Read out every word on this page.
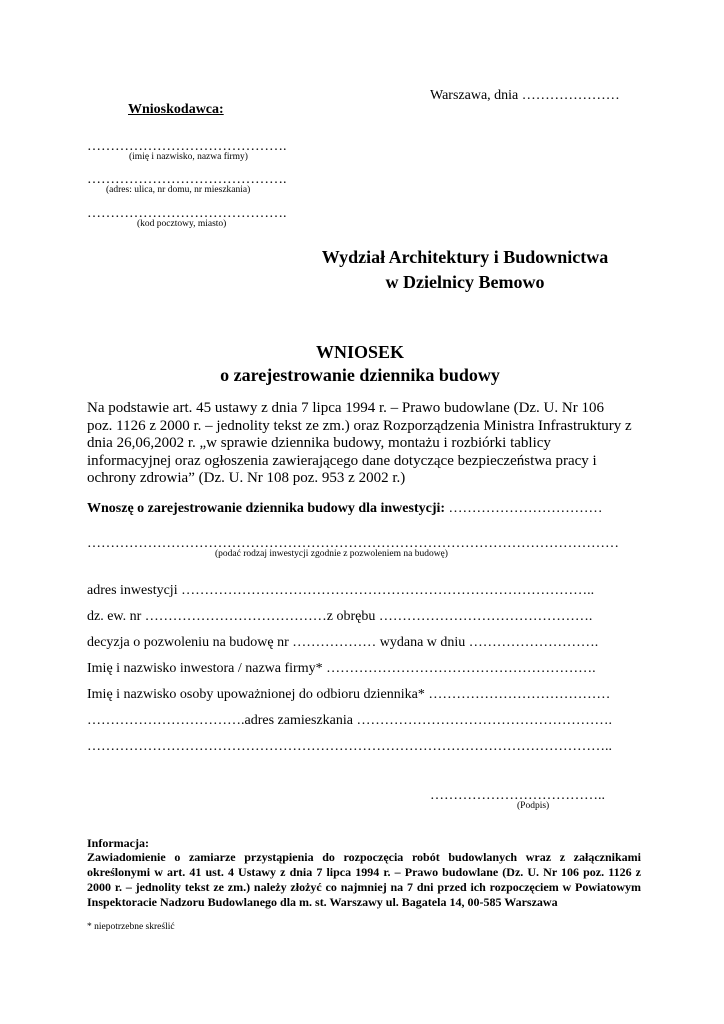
Warszawa, dnia …………………
Wnioskodawca:
…………………………………….
(imię i nazwisko, nazwa firmy)
…………………………………….
(adres: ulica, nr domu, nr mieszkania)
…………………………………….
(kod pocztowy, miasto)
Wydział Architektury i Budownictwa
w Dzielnicy Bemowo
WNIOSEK
o zarejestrowanie dziennika budowy
Na podstawie art. 45 ustawy z dnia 7 lipca 1994 r. – Prawo budowlane (Dz. U. Nr 106 poz. 1126 z 2000 r. – jednolity tekst ze zm.) oraz Rozporządzenia Ministra Infrastruktury z dnia 26,06,2002 r. „w sprawie dziennika budowy, montażu i rozbiórki tablicy informacyjnej oraz ogłoszenia zawierającego dane dotyczące bezpieczeństwa pracy i ochrony zdrowia” (Dz. U. Nr 108 poz. 953 z 2002 r.)
Wnoszę o zarejestrowanie dziennika budowy dla inwestycji: ……………………………
……………………………………………………………………………………………………
(podać rodzaj inwestycji zgodnie z pozwoleniem na budowę)
adres inwestycji ……………………………………………………………………………..
dz. ew. nr …………………………………z obrębu ……………………………………….
decyzja o pozwoleniu na budowę nr ……………… wydana w dniu ……………………….
Imię i nazwisko inwestora / nazwa firmy* ………………………………………………….
Imię i nazwisko osoby upoważnionej do odbioru dziennika* …………………………………
…………………………….adres zamieszkania ……………………………………………….
…………………………………………………………………………………………………..
………………………………..
(Podpis)
Informacja:
Zawiadomienie o zamiarze przystąpienia do rozpoczęcia robót budowlanych wraz z załącznikami określonymi w art. 41 ust. 4 Ustawy z dnia 7 lipca 1994 r. – Prawo budowlane (Dz. U. Nr 106 poz. 1126 z 2000 r. – jednolity tekst ze zm.) należy złożyć co najmniej na 7 dni przed ich rozpoczęciem w Powiatowym Inspektoracie Nadzoru Budowlanego dla m. st. Warszawy ul. Bagatela 14, 00-585 Warszawa
* niepotrzebne skreślić
